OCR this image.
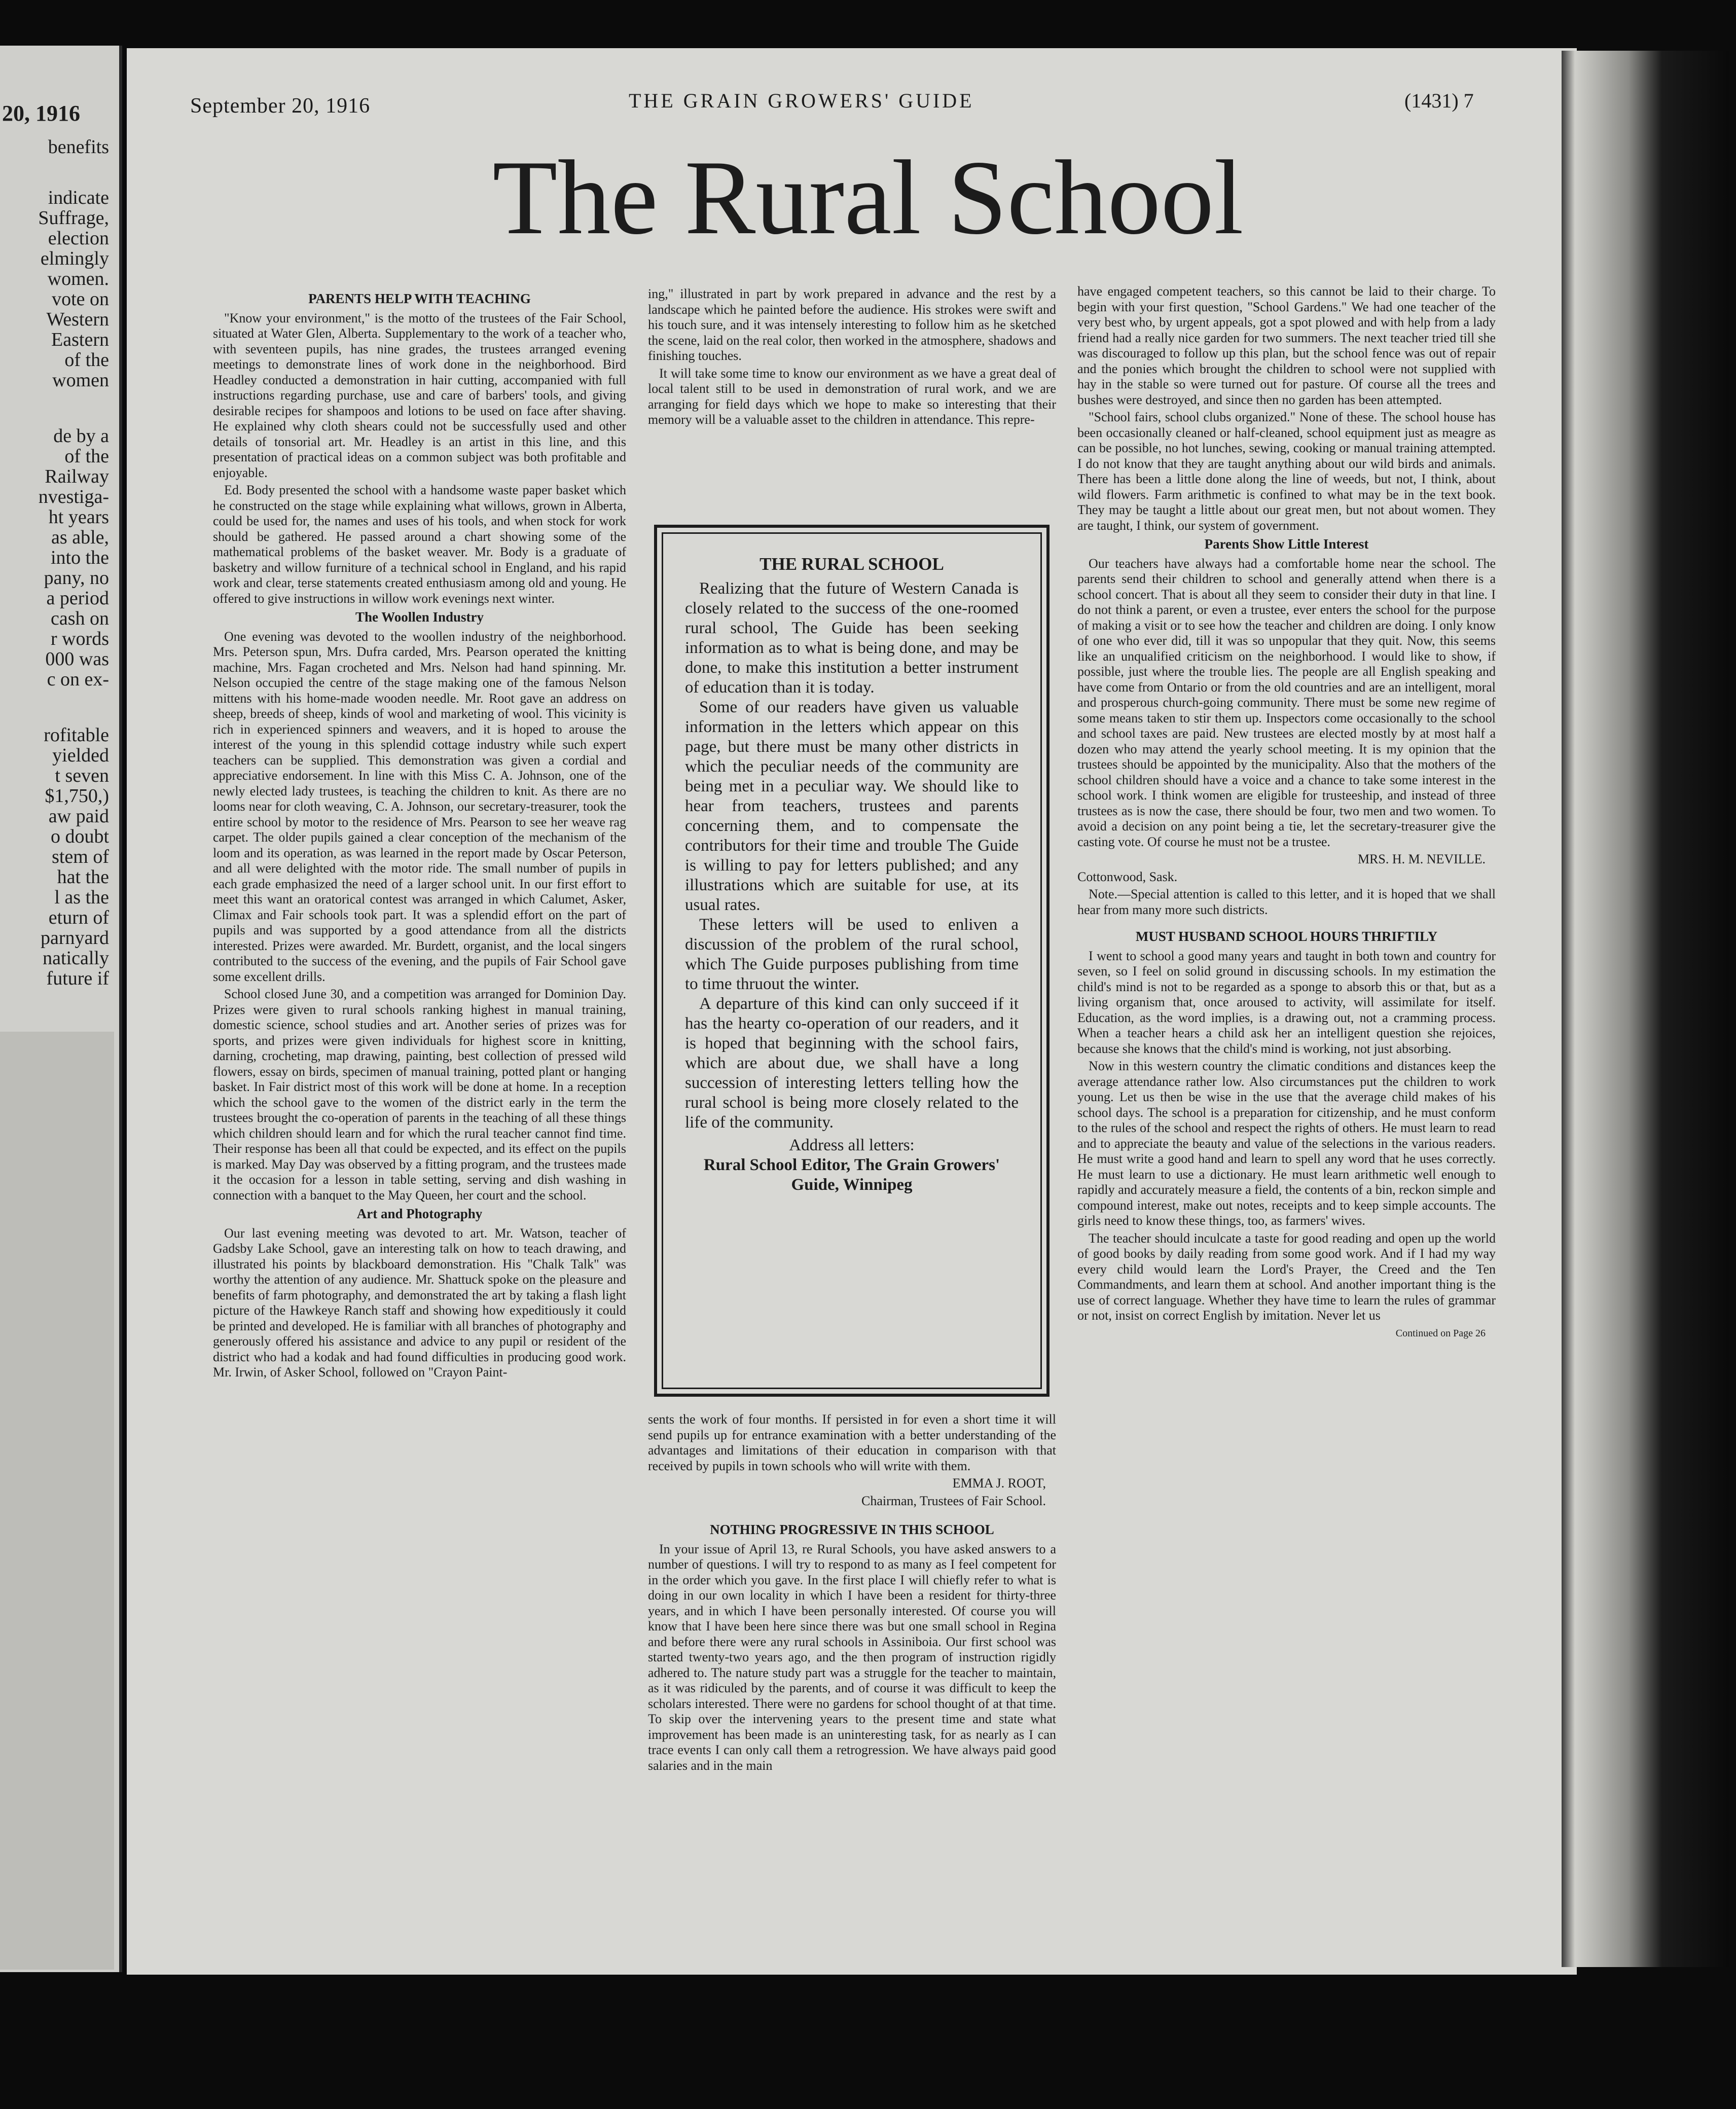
20, 1916
benefits
indicate
Suffrage,
election
elmingly
women.
vote on
Western
Eastern
of the
women
de by a
of the
Railway
nvestiga-
ht years
as able,
into the
pany, no
a period
cash on
r words
000 was
c on ex-
rofitable
yielded
t seven
$1,750,)
aw paid
o doubt
stem of
hat the
l as the
eturn of
parnyard
natically
future if
September 20, 1916	THE GRAIN GROWERS' GUIDE	(1431) 7
The Rural School
PARENTS HELP WITH TEACHING

"Know your environment," is the motto of the trustees of the Fair School, situated at Water Glen, Alberta. Supplementary to the work of a teacher who, with seventeen pupils, has nine grades, the trustees arranged evening meetings to demonstrate lines of work done in the neighborhood. Bird Headley conducted a demonstration in hair cutting, accompanied with full instructions regarding purchase, use and care of barbers' tools, and giving desirable recipes for shampoos and lotions to be used on face after shaving. He explained why cloth shears could not be successfully used and other details of tonsorial art. Mr. Headley is an artist in this line, and this presentation of practical ideas on a common subject was both profitable and enjoyable.

Ed. Body presented the school with a handsome waste paper basket which he constructed on the stage while explaining what willows, grown in Alberta, could be used for, the names and uses of his tools, and when stock for work should be gathered. He passed around a chart showing some of the mathematical problems of the basket weaver. Mr. Body is a graduate of basketry and willow furniture of a technical school in England, and his rapid work and clear, terse statements created enthusiasm among old and young. He offered to give instructions in willow work evenings next winter.

The Woollen Industry

One evening was devoted to the woollen industry of the neighborhood. Mrs. Peterson spun, Mrs. Dufra carded, Mrs. Pearson operated the knitting machine, Mrs. Fagan crocheted and Mrs. Nelson had hand spinning. Mr. Nelson occupied the centre of the stage making one of the famous Nelson mittens with his home-made wooden needle. Mr. Root gave an address on sheep, breeds of sheep, kinds of wool and marketing of wool. This vicinity is rich in experienced spinners and weavers, and it is hoped to arouse the interest of the young in this splendid cottage industry while such expert teachers can be supplied. This demonstration was given a cordial and appreciative endorsement. In line with this Miss C. A. Johnson, one of the newly elected lady trustees, is teaching the children to knit. As there are no looms near for cloth weaving, C. A. Johnson, our secretary-treasurer, took the entire school by motor to the residence of Mrs. Pearson to see her weave rag carpet. The older pupils gained a clear conception of the mechanism of the loom and its operation, as was learned in the report made by Oscar Peterson, and all were delighted with the motor ride. The small number of pupils in each grade emphasized the need of a larger school unit. In our first effort to meet this want an oratorical contest was arranged in which Calumet, Asker, Climax and Fair schools took part. It was a splendid effort on the part of pupils and was supported by a good attendance from all the districts interested. Prizes were awarded. Mr. Burdett, organist, and the local singers contributed to the success of the evening, and the pupils of Fair School gave some excellent drills.

School closed June 30, and a competition was arranged for Dominion Day. Prizes were given to rural schools ranking highest in manual training, domestic science, school studies and art. Another series of prizes was for sports, and prizes were given individuals for highest score in knitting, darning, crocheting, map drawing, painting, best collection of pressed wild flowers, essay on birds, specimen of manual training, potted plant or hanging basket. In Fair district most of this work will be done at home. In a reception which the school gave to the women of the district early in the term the trustees brought the co-operation of parents in the teaching of all these things which children should learn and for which the rural teacher cannot find time. Their response has been all that could be expected, and its effect on the pupils is marked. May Day was observed by a fitting program, and the trustees made it the occasion for a lesson in table setting, serving and dish washing in connection with a banquet to the May Queen, her court and the school.

Art and Photography

Our last evening meeting was devoted to art. Mr. Watson, teacher of Gadsby Lake School, gave an interesting talk on how to teach drawing, and illustrated his points by blackboard demonstration. His "Chalk Talk" was worthy the attention of any audience. Mr. Shattuck spoke on the pleasure and benefits of farm photography, and demonstrated the art by taking a flash light picture of the Hawkeye Ranch staff and showing how expeditiously it could be printed and developed. He is familiar with all branches of photography and generously offered his assistance and advice to any pupil or resident of the district who had a kodak and had found difficulties in producing good work. Mr. Irwin, of Asker School, followed on "Crayon Paint-

ing," illustrated in part by work prepared in advance and the rest by a landscape which he painted before the audience. His strokes were swift and his touch sure, and it was intensely interesting to follow him as he sketched the scene, laid on the real color, then worked in the atmosphere, shadows and finishing touches.

It will take some time to know our environment as we have a great deal of local talent still to be used in demonstration of rural work, and we are arranging for field days which we hope to make so interesting that their memory will be a valuable asset to the children in attendance. This repre-

THE RURAL SCHOOL

Realizing that the future of Western Canada is closely related to the success of the one-roomed rural school, The Guide has been seeking information as to what is being done, and may be done, to make this institution a better instrument of education than it is today.

Some of our readers have given us valuable information in the letters which appear on this page, but there must be many other districts in which the peculiar needs of the community are being met in a peculiar way. We should like to hear from teachers, trustees and parents concerning them, and to compensate the contributors for their time and trouble The Guide is willing to pay for letters published; and any illustrations which are suitable for use, at its usual rates.

These letters will be used to enliven a discussion of the problem of the rural school, which The Guide purposes publishing from time to time thruout the winter.

A departure of this kind can only succeed if it has the hearty co-operation of our readers, and it is hoped that beginning with the school fairs, which are about due, we shall have a long succession of interesting letters telling how the rural school is being more closely related to the life of the community.

Address all letters:

Rural School Editor, The Grain Growers' Guide, Winnipeg

sents the work of four months. If persisted in for even a short time it will send pupils up for entrance examination with a better understanding of the advantages and limitations of their education in comparison with that received by pupils in town schools who will write with them.

EMMA J. ROOT,

Chairman, Trustees of Fair School.

NOTHING PROGRESSIVE IN THIS SCHOOL

In your issue of April 13, re Rural Schools, you have asked answers to a number of questions. I will try to respond to as many as I feel competent for in the order which you gave. In the first place I will chiefly refer to what is doing in our own locality in which I have been a resident for thirty-three years, and in which I have been personally interested. Of course you will know that I have been here since there was but one small school in Regina and before there were any rural schools in Assiniboia. Our first school was started twenty-two years ago, and the then program of instruction rigidly adhered to. The nature study part was a struggle for the teacher to maintain, as it was ridiculed by the parents, and of course it was difficult to keep the scholars interested. There were no gardens for school thought of at that time. To skip over the intervening years to the present time and state what improvement has been made is an uninteresting task, for as nearly as I can trace events I can only call them a retrogression. We have always paid good salaries and in the main

have engaged competent teachers, so this cannot be laid to their charge. To begin with your first question, "School Gardens." We had one teacher of the very best who, by urgent appeals, got a spot plowed and with help from a lady friend had a really nice garden for two summers. The next teacher tried till she was discouraged to follow up this plan, but the school fence was out of repair and the ponies which brought the children to school were not supplied with hay in the stable so were turned out for pasture. Of course all the trees and bushes were destroyed, and since then no garden has been attempted.

"School fairs, school clubs organized." None of these. The school house has been occasionally cleaned or half-cleaned, school equipment just as meagre as can be possible, no hot lunches, sewing, cooking or manual training attempted. I do not know that they are taught anything about our wild birds and animals. There has been a little done along the line of weeds, but not, I think, about wild flowers. Farm arithmetic is confined to what may be in the text book. They may be taught a little about our great men, but not about women. They are taught, I think, our system of government.

Parents Show Little Interest

Our teachers have always had a comfortable home near the school. The parents send their children to school and generally attend when there is a school concert. That is about all they seem to consider their duty in that line. I do not think a parent, or even a trustee, ever enters the school for the purpose of making a visit or to see how the teacher and children are doing. I only know of one who ever did, till it was so unpopular that they quit. Now, this seems like an unqualified criticism on the neighborhood. I would like to show, if possible, just where the trouble lies. The people are all English speaking and have come from Ontario or from the old countries and are an intelligent, moral and prosperous church-going community. There must be some new regime of some means taken to stir them up. Inspectors come occasionally to the school and school taxes are paid. New trustees are elected mostly by at most half a dozen who may attend the yearly school meeting. It is my opinion that the trustees should be appointed by the municipality. Also that the mothers of the school children should have a voice and a chance to take some interest in the school work. I think women are eligible for trusteeship, and instead of three trustees as is now the case, there should be four, two men and two women. To avoid a decision on any point being a tie, let the secretary-treasurer give the casting vote. Of course he must not be a trustee.

MRS. H. M. NEVILLE.

Cottonwood, Sask.

Note.—Special attention is called to this letter, and it is hoped that we shall hear from many more such districts.

MUST HUSBAND SCHOOL HOURS THRIFTILY

I went to school a good many years and taught in both town and country for seven, so I feel on solid ground in discussing schools. In my estimation the child's mind is not to be regarded as a sponge to absorb this or that, but as a living organism that, once aroused to activity, will assimilate for itself. Education, as the word implies, is a drawing out, not a cramming process. When a teacher hears a child ask her an intelligent question she rejoices, because she knows that the child's mind is working, not just absorbing.

Now in this western country the climatic conditions and distances keep the average attendance rather low. Also circumstances put the children to work young. Let us then be wise in the use that the average child makes of his school days. The school is a preparation for citizenship, and he must conform to the rules of the school and respect the rights of others. He must learn to read and to appreciate the beauty and value of the selections in the various readers. He must write a good hand and learn to spell any word that he uses correctly. He must learn to use a dictionary. He must learn arithmetic well enough to rapidly and accurately measure a field, the contents of a bin, reckon simple and compound interest, make out notes, receipts and to keep simple accounts. The girls need to know these things, too, as farmers' wives.

The teacher should inculcate a taste for good reading and open up the world of good books by daily reading from some good work. And if I had my way every child would learn the Lord's Prayer, the Creed and the Ten Commandments, and learn them at school. And another important thing is the use of correct language. Whether they have time to learn the rules of grammar or not, insist on correct English by imitation. Never let us

Continued on Page 26
